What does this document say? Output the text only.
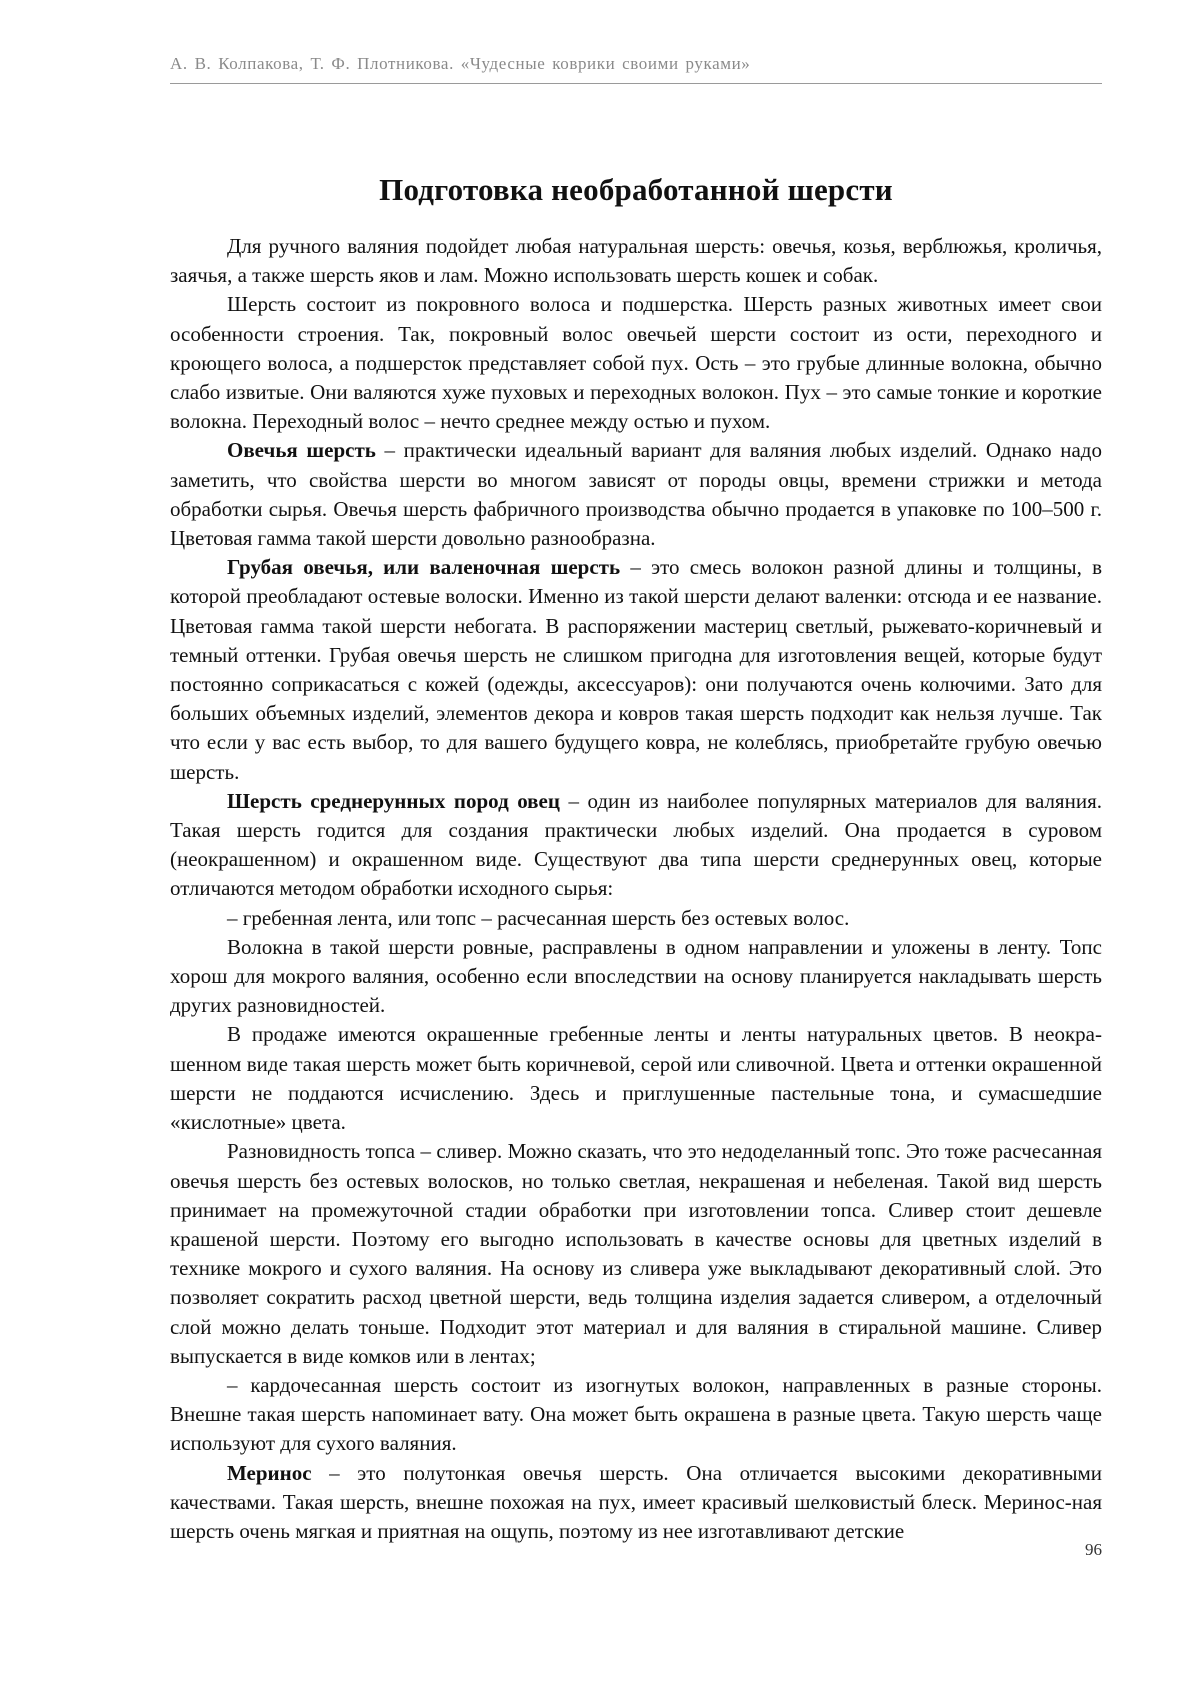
А. В. Колпакова, Т. Ф. Плотникова. «Чудесные коврики своими руками»
Подготовка необработанной шерсти

Для ручного валяния подойдет любая натуральная шерсть: овечья, козья, верблюжья, кроличья, заячья, а также шерсть яков и лам. Можно использовать шерсть кошек и собак.

Шерсть состоит из покровного волоса и подшерстка. Шерсть разных животных имеет свои особенности строения. Так, покровный волос овечьей шерсти состоит из ости, переходного и кроющего волоса, а подшерсток представляет собой пух. Ость – это грубые длинные волокна, обычно слабо извитые. Они валяются хуже пуховых и переходных волокон. Пух – это самые тонкие и короткие волокна. Переходный волос – нечто среднее между остью и пухом.

Овечья шерсть – практически идеальный вариант для валяния любых изделий. Однако надо заметить, что свойства шерсти во многом зависят от породы овцы, времени стрижки и метода обработки сырья. Овечья шерсть фабричного производства обычно продается в упаковке по 100–500 г. Цветовая гамма такой шерсти довольно разнообразна.

Грубая овечья, или валеночная шерсть – это смесь волокон разной длины и толщины, в которой преобладают остевые волоски. Именно из такой шерсти делают валенки: отсюда и ее название. Цветовая гамма такой шерсти небогата. В распоряжении мастериц светлый, рыжевато-коричневый и темный оттенки. Грубая овечья шерсть не слишком пригодна для изготовления вещей, которые будут постоянно соприкасаться с кожей (одежды, аксессуаров): они получаются очень колючими. Зато для больших объемных изделий, элементов декора и ковров такая шерсть подходит как нельзя лучше. Так что если у вас есть выбор, то для вашего будущего ковра, не колеблясь, приобретайте грубую овечью шерсть.

Шерсть среднерунных пород овец – один из наиболее популярных материалов для валяния. Такая шерсть годится для создания практически любых изделий. Она продается в суровом (неокрашенном) и окрашенном виде. Существуют два типа шерсти среднерунных овец, которые отличаются методом обработки исходного сырья:

– гребенная лента, или топс – расчесанная шерсть без остевых волос.

Волокна в такой шерсти ровные, расправлены в одном направлении и уложены в ленту. Топс хорош для мокрого валяния, особенно если впоследствии на основу планируется накладывать шерсть других разновидностей.

В продаже имеются окрашенные гребенные ленты и ленты натуральных цветов. В неокрашенном виде такая шерсть может быть коричневой, серой или сливочной. Цвета и оттенки окрашенной шерсти не поддаются исчислению. Здесь и приглушенные пастельные тона, и сумасшедшие «кислотные» цвета.

Разновидность топса – сливер. Можно сказать, что это недоделанный топс. Это тоже расчесанная овечья шерсть без остевых волосков, но только светлая, некрашеная и небеленая. Такой вид шерсть принимает на промежуточной стадии обработки при изготовлении топса. Сливер стоит дешевле крашеной шерсти. Поэтому его выгодно использовать в качестве основы для цветных изделий в технике мокрого и сухого валяния. На основу из сливера уже выкладывают декоративный слой. Это позволяет сократить расход цветной шерсти, ведь толщина изделия задается сливером, а отделочный слой можно делать тоньше. Подходит этот материал и для валяния в стиральной машине. Сливер выпускается в виде комков или в лентах;

– кардочесанная шерсть состоит из изогнутых волокон, направленных в разные стороны. Внешне такая шерсть напоминает вату. Она может быть окрашена в разные цвета. Такую шерсть чаще используют для сухого валяния.

Меринос – это полутонкая овечья шерсть. Она отличается высокими декоративными качествами. Такая шерсть, внешне похожая на пух, имеет красивый шелковистый блеск. Меринос-ная шерсть очень мягкая и приятная на ощупь, поэтому из нее изготавливают детские

96
